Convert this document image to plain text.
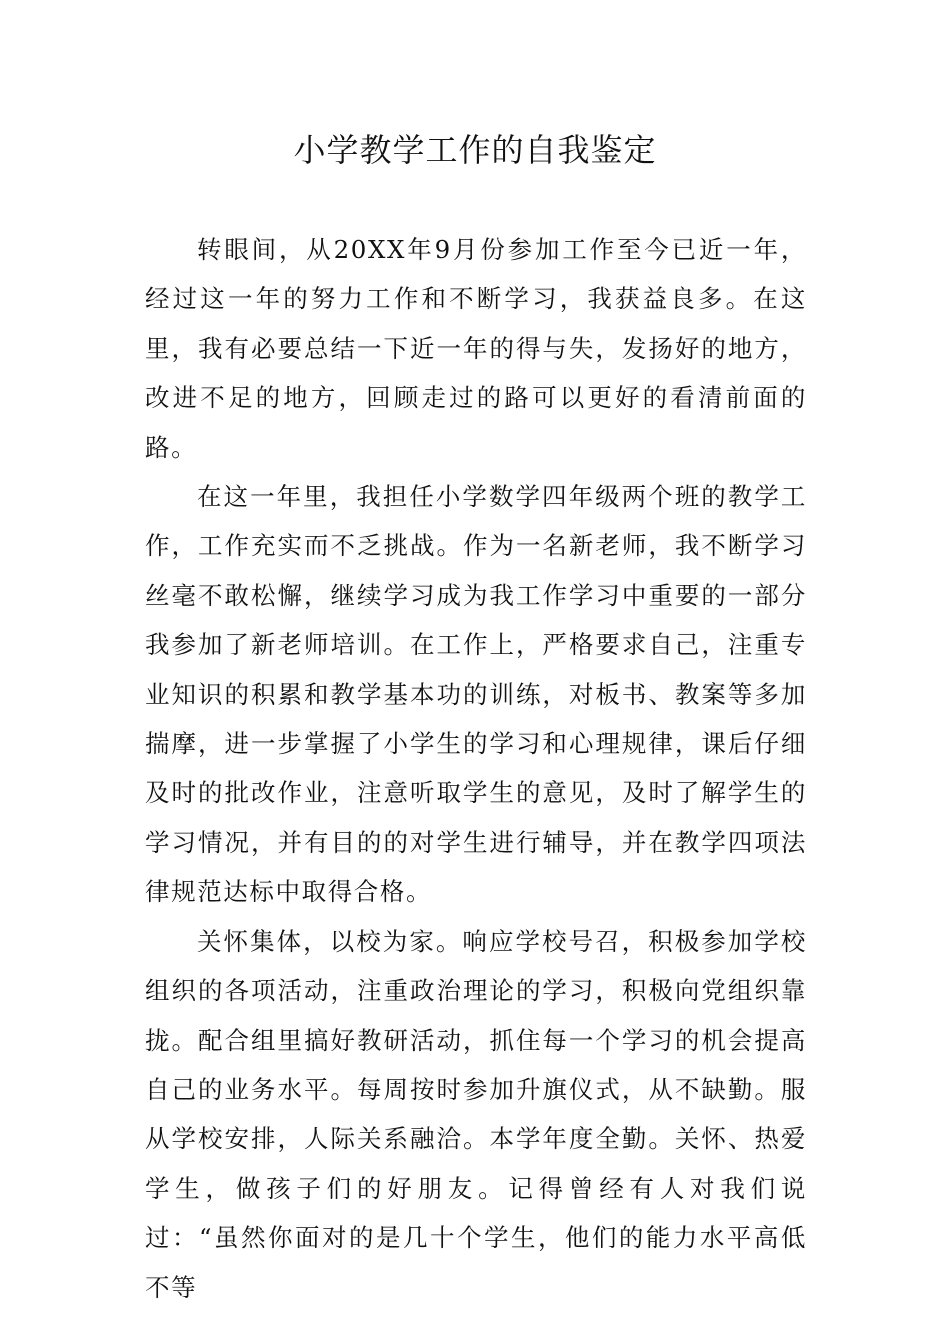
小学教学工作的自我鉴定

转眼间，从20XX年9月份参加工作至今已近一年，经过这一年的努力工作和不断学习，我获益良多。在这里，我有必要总结一下近一年的得与失，发扬好的地方，改进不足的地方，回顾走过的路可以更好的看清前面的路。

在这一年里，我担任小学数学四年级两个班的教学工作，工作充实而不乏挑战。作为一名新老师，我不断学习丝毫不敢松懈，继续学习成为我工作学习中重要的一部分我参加了新老师培训。在工作上，严格要求自己，注重专业知识的积累和教学基本功的训练，对板书、教案等多加揣摩，进一步掌握了小学生的学习和心理规律，课后仔细及时的批改作业，注意听取学生的意见，及时了解学生的学习情况，并有目的的对学生进行辅导，并在教学四项法律规范达标中取得合格。

关怀集体，以校为家。响应学校号召，积极参加学校组织的各项活动，注重政治理论的学习，积极向党组织靠拢。配合组里搞好教研活动，抓住每一个学习的机会提高自己的业务水平。每周按时参加升旗仪式，从不缺勤。服从学校安排，人际关系融洽。本学年度全勤。关怀、热爱学生，做孩子们的好朋友。记得曾经有人对我们说过：“虽然你面对的是几十个学生，他们的能力水平高低不等
